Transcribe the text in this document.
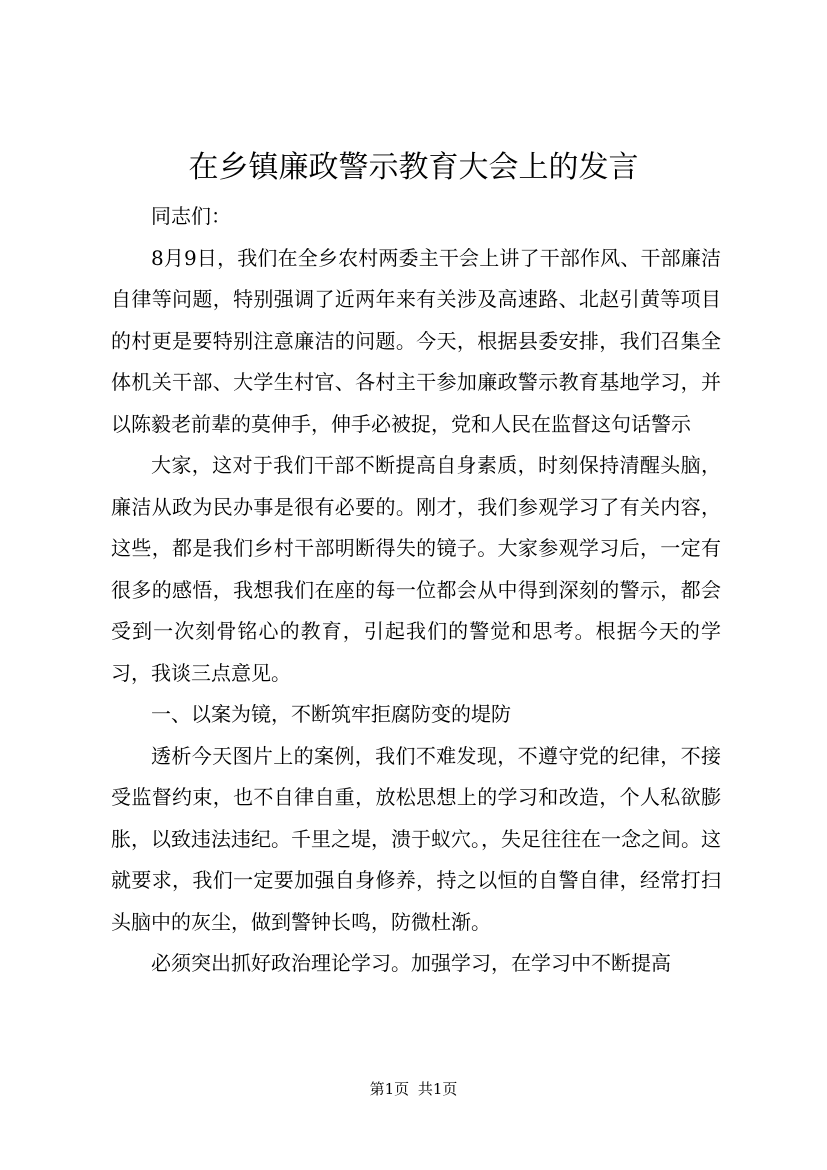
在乡镇廉政警示教育大会上的发言

同志们：

8月9日，我们在全乡农村两委主干会上讲了干部作风、干部廉洁自律等问题，特别强调了近两年来有关涉及高速路、北赵引黄等项目的村更是要特别注意廉洁的问题。今天，根据县委安排，我们召集全体机关干部、大学生村官、各村主干参加廉政警示教育基地学习，并以陈毅老前辈的莫伸手，伸手必被捉，党和人民在监督这句话警示

大家，这对于我们干部不断提高自身素质，时刻保持清醒头脑，廉洁从政为民办事是很有必要的。刚才，我们参观学习了有关内容，这些，都是我们乡村干部明断得失的镜子。大家参观学习后，一定有很多的感悟，我想我们在座的每一位都会从中得到深刻的警示，都会受到一次刻骨铭心的教育，引起我们的警觉和思考。根据今天的学习，我谈三点意见。

一、以案为镜，不断筑牢拒腐防变的堤防

透析今天图片上的案例，我们不难发现，不遵守党的纪律，不接受监督约束，也不自律自重，放松思想上的学习和改造，个人私欲膨胀，以致违法违纪。千里之堤，溃于蚁穴。，失足往往在一念之间。这就要求，我们一定要加强自身修养，持之以恒的自警自律，经常打扫头脑中的灰尘，做到警钟长鸣，防微杜渐。

必须突出抓好政治理论学习。加强学习，在学习中不断提高

第1页 共1页
